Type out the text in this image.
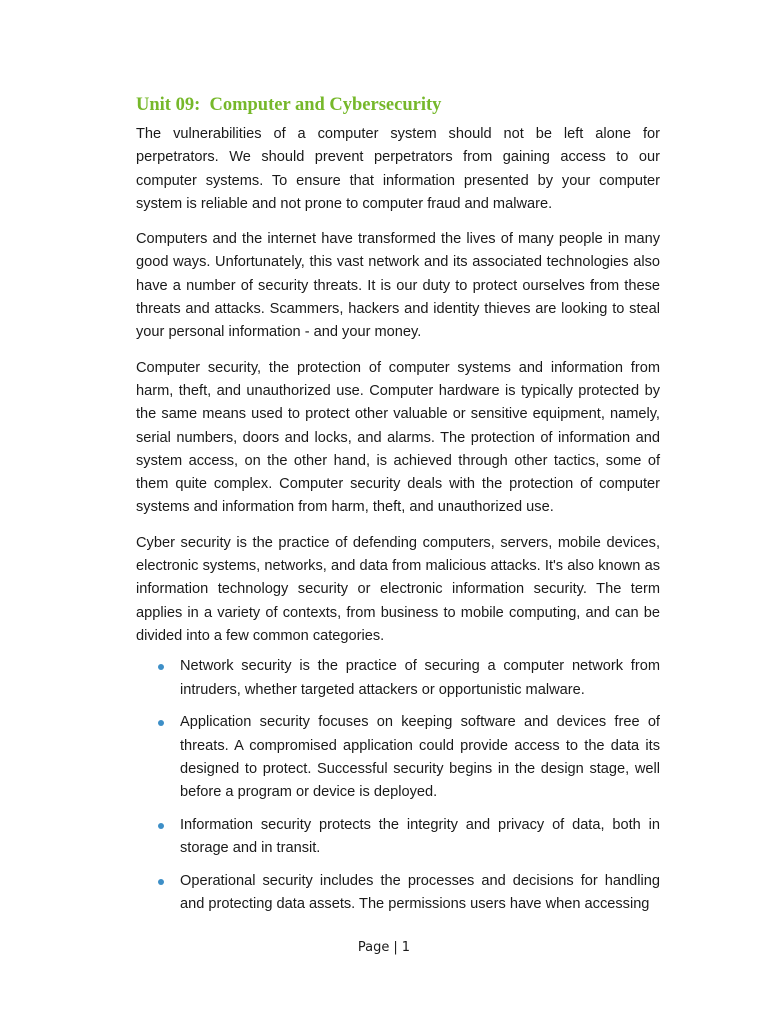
Unit 09:  Computer and Cybersecurity

The vulnerabilities of a computer system should not be left alone for perpetrators. We should prevent perpetrators from gaining access to our computer systems. To ensure that information presented by your computer system is reliable and not prone to computer fraud and malware.

Computers and the internet have transformed the lives of many people in many good ways. Unfortunately, this vast network and its associated technologies also have a number of security threats. It is our duty to protect ourselves from these threats and attacks. Scammers, hackers and identity thieves are looking to steal your personal information - and your money.

Computer security, the protection of computer systems and information from harm, theft, and unauthorized use. Computer hardware is typically protected by the same means used to protect other valuable or sensitive equipment, namely, serial numbers, doors and locks, and alarms. The protection of information and system access, on the other hand, is achieved through other tactics, some of them quite complex. Computer security deals with the protection of computer systems and information from harm, theft, and unauthorized use.

Cyber security is the practice of defending computers, servers, mobile devices, electronic systems, networks, and data from malicious attacks. It's also known as information technology security or electronic information security. The term applies in a variety of contexts, from business to mobile computing, and can be divided into a few common categories.

Network security is the practice of securing a computer network from intruders, whether targeted attackers or opportunistic malware.
Application security focuses on keeping software and devices free of threats. A compromised application could provide access to the data its designed to protect. Successful security begins in the design stage, well before a program or device is deployed.
Information security protects the integrity and privacy of data, both in storage and in transit.
Operational security includes the processes and decisions for handling and protecting data assets. The permissions users have when accessing
Page | 1
